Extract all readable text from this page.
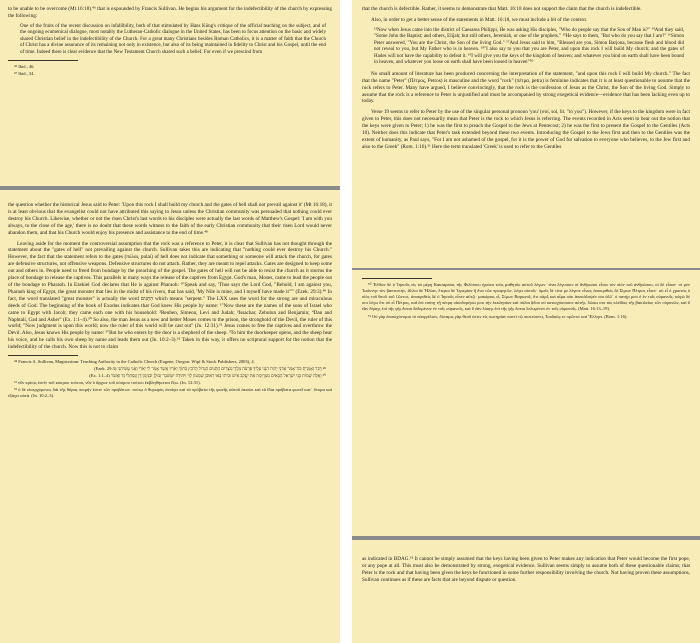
to be unable to be overcome (Mt 16:18).⁴⁶ that is expounded by Francis Sullivan. He begins his argument for the indefectibility of the church by expressing the following:

One of the fruits of the recent discussion on infallibility, both of that stimulated by Hans Küng's critique of the official teaching on the subject, and of the ongoing ecumenical dialogue, most notably the Lutheran-Catholic dialogue in the United States, has been to focus attention on the basic and widely shared Christian belief in the indefectibility of the Church. For a great many Christians besides Roman Catholics, it is a matter of faith that the Church of Christ has a divine assurance of its remaining not only in existence, but also of its being maintained in fidelity to Christ and his Gospel, until the end of time. Indeed there is clear evidence that the New Testament Church shared such a belief. For even if we prescind from
⁴⁶ Ibid., 46.
⁴⁷ Ibid., 34.

that the church is defectible. Rather, it seems to demonstrate that Matt. 16:18 does not support the claim that the church is indefectible.

Also, in order to get a better sense of the statements in Matt. 16:18, we must include a bit of the context.

¹³Now when Jesus came into the district of Caesarea Philippi, He was asking His disciples, "Who do people say that the Son of Man is?" ¹⁴And they said, "Some John the Baptist; and others, Elijah; but still others, Jeremiah, or one of the prophets." ¹⁵He says to them, "But who do you say that I am?" ¹⁶Simon Peter answered, "You are the Christ, the Son of the living God." ¹⁷And Jesus said to him, "Blessed are you, Simon Barjona, because flesh and blood did not reveal to you, but My Father who is in heaven. ¹⁸"I also say to you that you are Peter, and upon this rock I will build My church; and the gates of Hades will not have the capability to defeat it. ¹⁹I will give you the keys of the kingdom of heaven; and whatever you bind on earth shall have been bound in heaven, and whatever you loose on earth shall have been loosed in heaven"⁵⁰

No small amount of literature has been produced concerning the interpretation of the statement, "and upon this rock I will build My church." The fact that the name "Peter" (Πέτρος, Petros) is masculine and the word "rock" (πέτρα, petra) is feminine indicates that it is at least questionable to assume that the rock refers to Peter. Many have argued, I believe convincingly, that the rock is the confession of Jesus as the Christ, the Son of the living God. Simply to assume that the rock is a reference to Peter is unjustified and must be accompanied by strong exegetical evidence—evidence that has been lacking even up to today.

Verse 19 seems to refer to Peter by the use of the singular personal pronoun 'you' (σοί, soi, lit. "to you"). However, if the keys to the kingdom were in fact given to Peter, this does not necessarily mean that Peter is the rock to which Jesus is referring. The events recorded in Acts seem to bear out the notion that the keys were given to Peter; 1) he was the first to preach the Gospel to the Jews at Pentecost; 2) he was the first to present the Gospel to the Gentiles (Acts 10). Neither does this indicate that Peter's task extended beyond these two events. Introducing the Gospel to the Jews first and then to the Gentiles was the extent of humanity, as Paul says, "For I am not ashamed of the gospel, for it is the power of God for salvation to everyone who believes, to the Jew first and also to the Greek" (Rom. 1:16).⁵¹ Here the term translated 'Greek' is used to refer to the Gentiles

the question whether the historical Jesus said to Peter: 'Upon this rock I shall build my church and the gates of hell shall not prevail against it' (Mt 16:18), it is at least obvious that the evangelist could not have attributed this saying to Jesus unless the Christian community was persuaded that nothing could ever destroy his Church. Likewise, whether or not the risen Christ's last words to his disciples were actually the last words of Matthew's Gospel: 'I am with you always, to the close of the age,' there is no doubt that these words witness to the faith of the early Christian community that their risen Lord would never abandon them, and that his Church would enjoy his presence and assistance to the end of time.⁴⁸

Leaving aside for the moment the controversial assumption that the rock was a reference to Peter, it is clear that Sullivan has not thought through the statement about the "gates of hell" not prevailing against the church. Sullivan takes this are indicating that "nothing could ever destroy his Church." However, the fact that the statement refers to the gates (πύλαι, pulai) of hell does not indicate that something or someone will attack the church, for gates are defensive structures, not offensive weapons. Defensive structures do not attack. Rather, they are meant to repel attacks. Gates are designed to keep some out and others in. People need to freed from bondage by the preaching of the gospel. The gates of hell will not be able to resist the church as it storms the place of bondage to release the captives. This parallels in many ways the release of the captives from Egypt. God's man, Moses, came to lead the people out of the bondage to Pharaoh. In Ezekiel God declares that He is against Pharaoh: ³"Speak and say, 'Thus says the Lord God, "Behold, I am against you, Pharaoh king of Egypt, the great monster that lies in the midst of his rivers, that has said, 'My Nile is mine, and I myself have made it'"" (Ezek. 29:3).⁴⁹ In fact, the word translated "great monster" is actually the word הַתַּנִּים which means "serpent." The LXX uses the word for the strong are and miraculous deeds of God. The beginning of the book of Exodus indicates that God knew His people by name: ¹"Now these are the names of the sons of Israel who came to Egypt with Jacob; they came each one with his household: ²Reuben, Simeon, Levi and Judah; ³Issachar, Zebulun and Benjamin; ⁴Dan and Naphtali, Gad and Asher" (Ex. 1:1–4).⁵⁰ So also, the man Jesus as a new and better Moses comes to the prison, the stronghold of the Devil, the ruler of this world; "Now judgment is upon this world; now the ruler of this world will be cast out" (Jn. 12:31).⁵¹ Jesus comes to free the captives and overthrow the Devil. Also, Jesus knows His people by name: ³"But he who enters by the door is a shepherd of the sheep. ³To him the doorkeeper opens, and the sheep hear his voice, and he calls his own sheep by name and leads them out (Jn. 10:2–3).⁵² Taken in this way, it offers no scriptural support for the notion that the indefectibility of the church. Now this is not to claim

⁴⁸ Francis A. Sullivan, Magisterium: Teaching Authority in the Catholic Church (Eugene, Oregon: Wipf & Stock Publishers, 2003), 4.
⁴⁹ דַּבֵּר וְאָמַרְתָּ כֹּה־אָמַר אֲדֹנָי יְהוִה הִנְנִי עָלֶיךָ פַּרְעֹה מֶלֶךְ־מִצְרַיִם הַתַּנִּים הַגָּדוֹל הָרֹבֵץ בְּתוֹךְ יְאֹרָיו אֲשֶׁר אָמַר לִי יְאֹרִי וַאֲנִי עֲשִׂיתִנִי (Ezek. 29:3)
⁵⁰ וְאֵלֶּה שְׁמוֹת בְּנֵי יִשְׂרָאֵל הַבָּאִים מִצְרָיְמָה אֵת יַעֲקֹב אִישׁ וּבֵיתוֹ בָּאוּ רְאוּבֵן שִׁמְעוֹן לֵוִי וִיהוּדָה יִשָּׂשכָר זְבוּלֻן וּבִנְיָמִן דָּן וְנַפְתָּלִי גָּד וְאָשֵׁר (Ex. 1:1–4)
⁵¹ νῦν κρίσις ἐστὶν τοῦ κόσμου τούτου, νῦν ὁ ἄρχων τοῦ κόσμου τούτου ἐκβληθήσεται ἔξω. (Jn. 12:31).
⁵² ὁ δὲ εἰσερχόμενος διὰ τῆς θύρας ποιμήν ἐστιν τῶν προβάτων. τούτῳ ὁ θυρωρὸς ἀνοίγει καὶ τὰ πρόβατα τῆς φωνῆς αὐτοῦ ἀκούει καὶ τὰ ἴδια πρόβατα φωνεῖ κατ᾽ ὄνομα καὶ ἐξάγει αὐτά. (Jn. 10:2–3).
⁵⁰ Ἐλθὼν δὲ ὁ Ἰησοῦς εἰς τὰ μέρη Καισαρείας τῆς Φιλίππου ἠρώτα τοὺς μαθητὰς αὐτοῦ λέγων· τίνα λέγουσιν οἱ ἄνθρωποι εἶναι τὸν υἱὸν τοῦ ἀνθρώπου; οἱ δὲ εἶπαν· οἱ μὲν Ἰωάννην τὸν βαπτιστήν, ἄλλοι δὲ Ἠλίαν, ἕτεροι δὲ Ἰερεμίαν ἢ ἕνα τῶν προφητῶν. λέγει αὐτοῖς· ὑμεῖς δὲ τίνα με λέγετε εἶναι; ἀποκριθεὶς δὲ Σίμων Πέτρος εἶπεν· σὺ εἶ ὁ χριστὸς ὁ υἱὸς τοῦ θεοῦ τοῦ ζῶντος. ἀποκριθεὶς δὲ ὁ Ἰησοῦς εἶπεν αὐτῷ· μακάριος εἶ, Σίμων Βαριωνᾶ, ὅτι σὰρξ καὶ αἷμα οὐκ ἀπεκάλυψέν σοι ἀλλ᾽ ὁ πατήρ μου ὁ ἐν τοῖς οὐρανοῖς. κἀγὼ δέ σοι λέγω ὅτι σὺ εἶ Πέτρος, καὶ ἐπὶ ταύτῃ τῇ πέτρᾳ οἰκοδομήσω μου τὴν ἐκκλησίαν καὶ πύλαι ᾅδου οὐ κατισχύσουσιν αὐτῆς. δώσω σοι τὰς κλεῖδας τῆς βασιλείας τῶν οὐρανῶν, καὶ ὃ ἐὰν δήσῃς ἐπὶ τῆς γῆς ἔσται δεδεμένον ἐν τοῖς οὐρανοῖς, καὶ ὃ ἐὰν λύσῃς ἐπὶ τῆς γῆς ἔσται λελυμένον ἐν τοῖς οὐρανοῖς. (Matt. 16:13–19).
⁵¹ Οὐ γὰρ ἐπαισχύνομαι τὸ εὐαγγέλιον, δύναμις γὰρ θεοῦ ἐστιν εἰς σωτηρίαν παντὶ τῷ πιστεύοντι, Ἰουδαίῳ τε πρῶτον καὶ Ἕλληνι. (Rom. 1:16).

as indicated in BDAG.⁵² It cannot be simply assumed that the keys having been given to Peter makes any indication that Peter would become the first pope, or any pope at all. This must also be demonstrated by strong, exegetical evidence. Sullivan seems simply to assume both of these questionable claims; that Peter is the rock and that having been given the keys he functioned in some further responsibility involving the church. Not having proven these assumptions, Sullivan continues as if these are facts that are beyond dispute or question.
